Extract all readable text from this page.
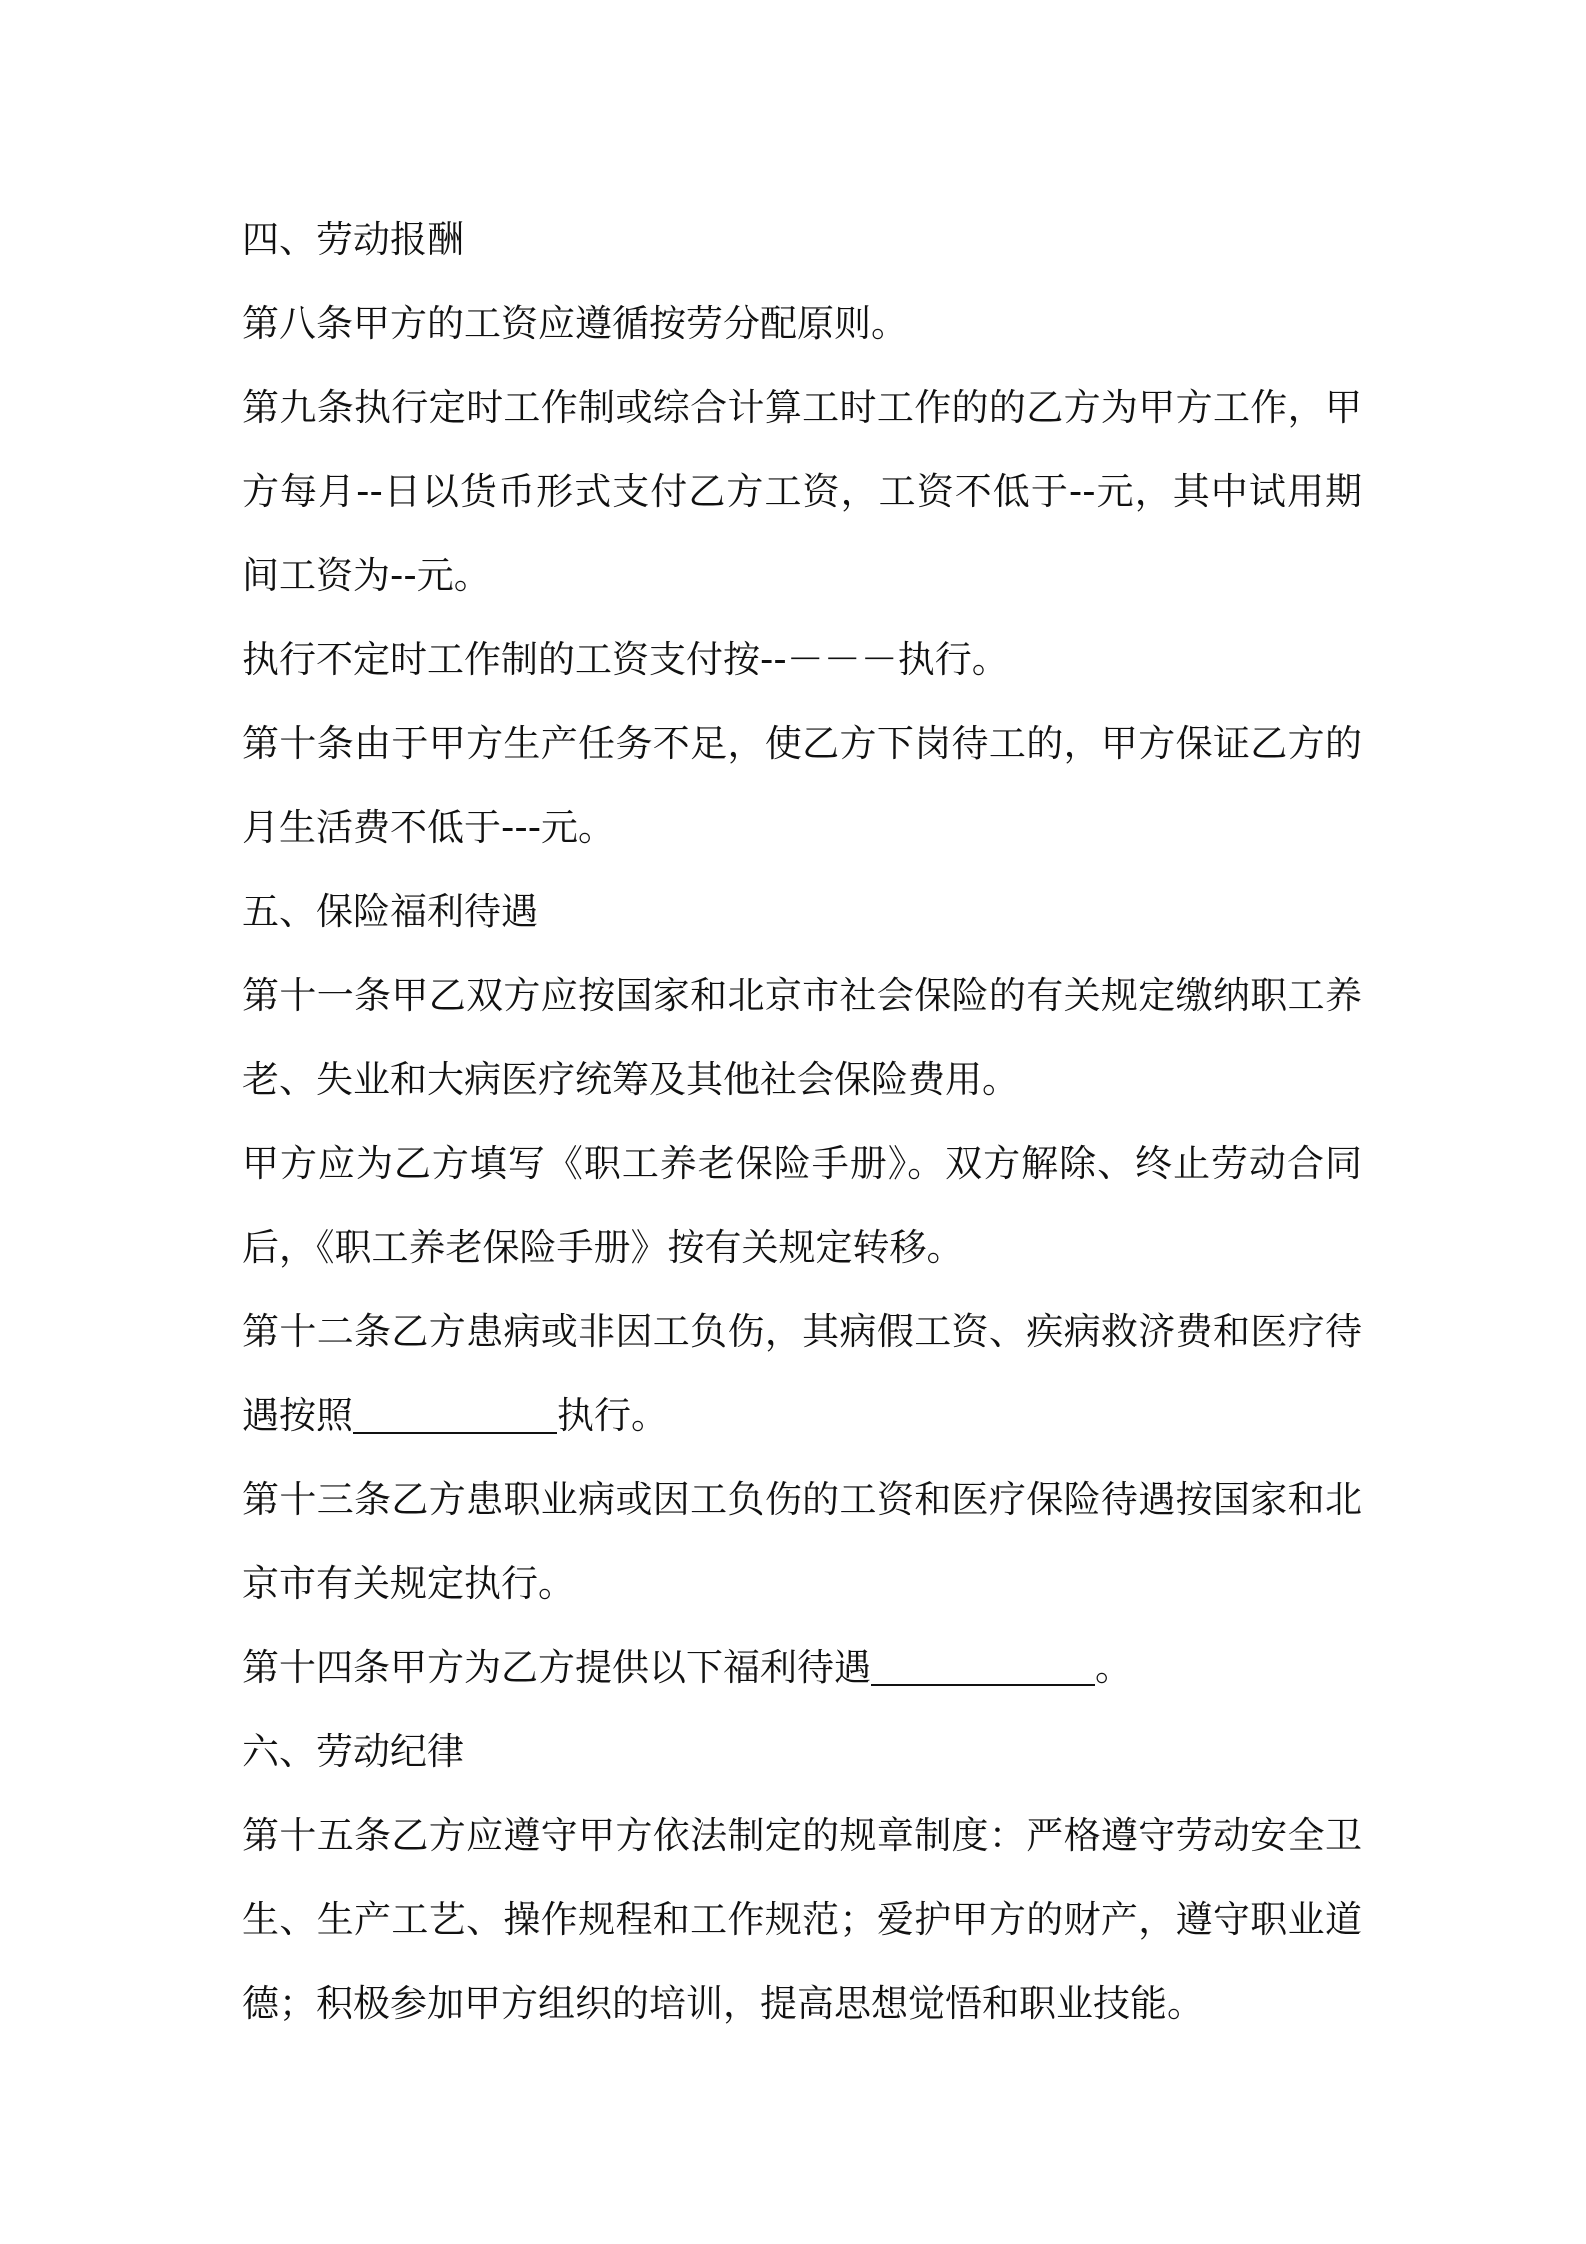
四、劳动报酬

第八条甲方的工资应遵循按劳分配原则。

第九条执行定时工作制或综合计算工时工作的的乙方为甲方工作，甲方每月--日以货币形式支付乙方工资，工资不低于--元，其中试用期间工资为--元。

执行不定时工作制的工资支付按--－－－执行。

第十条由于甲方生产任务不足，使乙方下岗待工的，甲方保证乙方的月生活费不低于---元。

五、保险福利待遇

第十一条甲乙双方应按国家和北京市社会保险的有关规定缴纳职工养老、失业和大病医疗统筹及其他社会保险费用。

甲方应为乙方填写《职工养老保险手册》。双方解除、终止劳动合同后，《职工养老保险手册》按有关规定转移。

第十二条乙方患病或非因工负伤，其病假工资、疾病救济费和医疗待遇按照	执行。

第十三条乙方患职业病或因工负伤的工资和医疗保险待遇按国家和北京市有关规定执行。

第十四条甲方为乙方提供以下福利待遇	。

六、劳动纪律

第十五条乙方应遵守甲方依法制定的规章制度：严格遵守劳动安全卫生、生产工艺、操作规程和工作规范；爱护甲方的财产，遵守职业道德；积极参加甲方组织的培训，提高思想觉悟和职业技能。
